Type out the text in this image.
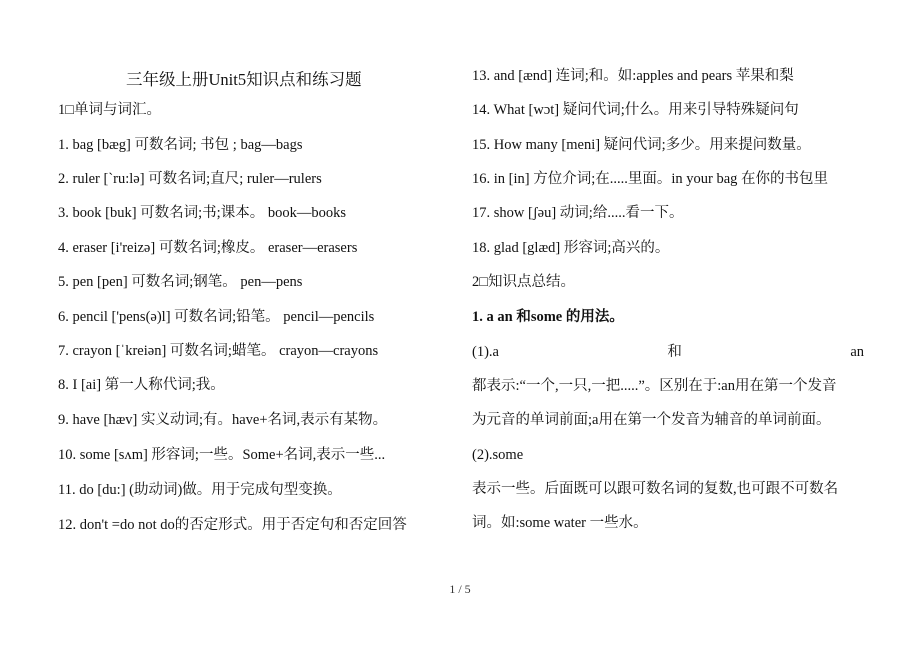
三年级上册Unit5知识点和练习题
1□单词与词汇。
1. bag [bæg] 可数名词; 书包 ; bag—bags
2. ruler [`ru:lə] 可数名词;直尺; ruler—rulers
3. book [buk] 可数名词;书;课本。 book—books
4. eraser [i'reizə] 可数名词;橡皮。 eraser—erasers
5. pen [pen] 可数名词;钢笔。 pen—pens
6. pencil ['pens(ə)l] 可数名词;铅笔。 pencil—pencils
7. crayon [ˈkreiən] 可数名词;蜡笔。 crayon—crayons
8. I [ai] 第一人称代词;我。
9. have [hæv] 实义动词;有。have+名词,表示有某物。
10. some [sʌm] 形容词;一些。Some+名词,表示一些...
11. do [du:] (助动词)做。用于完成句型变换。
12. don't =do not do的否定形式。用于否定句和否定回答
13. and [ænd] 连词;和。如:apples and pears 苹果和梨
14. What [wɔt] 疑问代词;什么。用来引导特殊疑问句
15. How many [meni] 疑问代词;多少。用来提问数量。
16. in [in] 方位介词;在.....里面。in your bag 在你的书包里
17. show [ʃəu] 动词;给.....看一下。
18. glad [glæd] 形容词;高兴的。
2□知识点总结。
1. a an 和some 的用法。
(1).a	和	an
都表示:“一个,一只,一把.....”。区别在于:an用在第一个发音
为元音的单词前面;a用在第一个发音为辅音的单词前面。
(2).some
表示一些。后面既可以跟可数名词的复数,也可跟不可数名
词。如:some water 一些水。
1 / 5
